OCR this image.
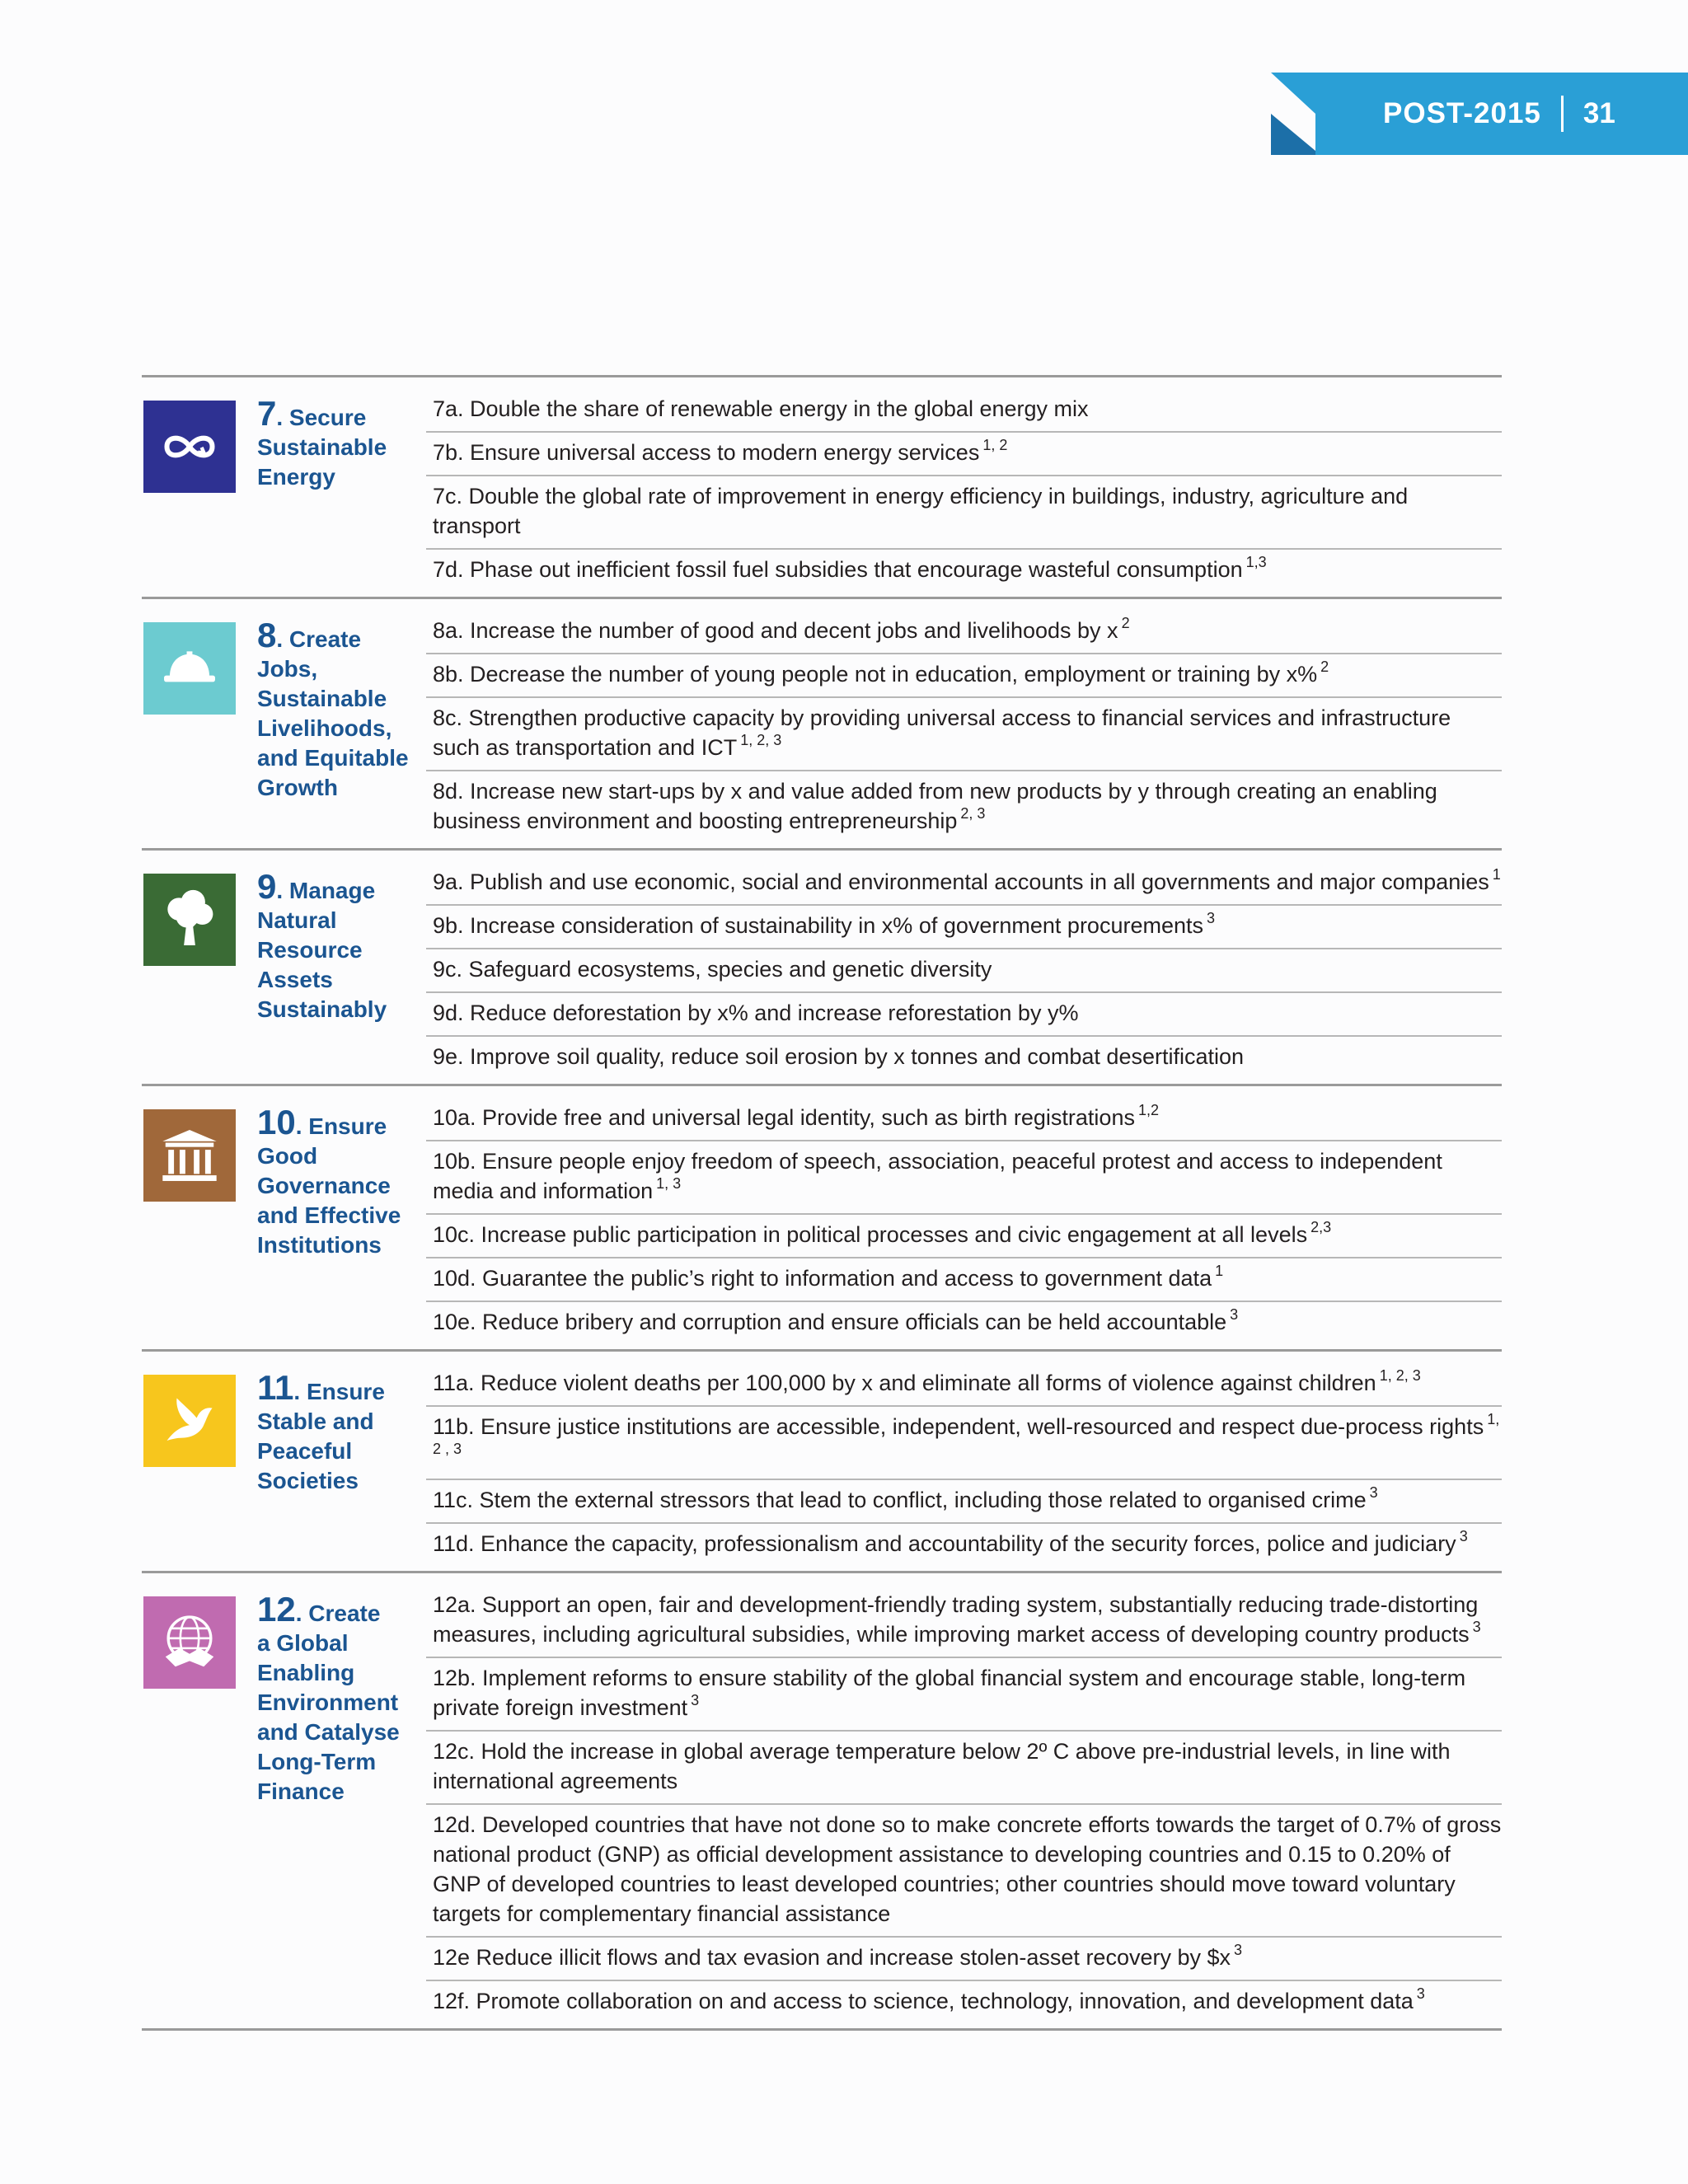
POST-2015 31
7. Secure
Sustainable
Energy

7a. Double the share of renewable energy in the global energy mix
7b. Ensure universal access to modern energy services $^{1, 2}$
7c. Double the global rate of improvement in energy efficiency in buildings, industry, agriculture and transport
7d. Phase out inefficient fossil fuel subsidies that encourage wasteful consumption $^{1,3}$
8. Create Jobs,
Sustainable
Livelihoods,
and Equitable
Growth

8a. Increase the number of good and decent jobs and livelihoods by x $^2$
8b. Decrease the number of young people not in education, employment or training by x% $^2$
8c. Strengthen productive capacity by providing universal access to financial services and infrastructure such as transportation and ICT $^{1, 2, 3}$
8d. Increase new start-ups by x and value added from new products by y through creating an enabling business environment and boosting entrepreneurship $^{2, 3}$
9. Manage
Natural
Resource
Assets
Sustainably

9a. Publish and use economic, social and environmental accounts in all governments and major companies $^1$
9b. Increase consideration of sustainability in x% of government procurements $^3$
9c. Safeguard ecosystems, species and genetic diversity
9d. Reduce deforestation by x% and increase reforestation by y%
9e. Improve soil quality, reduce soil erosion by x tonnes and combat desertification
10. Ensure
Good
Governance
and Effective
Institutions

10a. Provide free and universal legal identity, such as birth registrations $^{1,2}$
10b. Ensure people enjoy freedom of speech, association, peaceful protest and access to independent media and information $^{1, 3}$
10c. Increase public participation in political processes and civic engagement at all levels $^{2,3}$
10d. Guarantee the public’s right to information and access to government data $^1$
10e. Reduce bribery and corruption and ensure officials can be held accountable $^3$
11. Ensure
Stable and
Peaceful
Societies

11a. Reduce violent deaths per 100,000 by x and eliminate all forms of violence against children $^{1, 2, 3}$
11b. Ensure justice institutions are accessible, independent, well-resourced and respect due-process rights $^{1, 2 , 3}$
11c. Stem the external stressors that lead to conflict, including those related to organised crime $^3$
11d. Enhance the capacity, professionalism and accountability of the security forces, police and judiciary $^3$
12. Create
a Global
Enabling
Environment
and Catalyse
Long-Term
Finance

12a. Support an open, fair and development-friendly trading system, substantially reducing trade-distorting measures, including agricultural subsidies, while improving market access of developing country products $^3$
12b. Implement reforms to ensure stability of the global financial system and encourage stable, long-term private foreign investment $^3$
12c. Hold the increase in global average temperature below 2º C above pre-industrial levels, in line with international agreements
12d. Developed countries that have not done so to make concrete efforts towards the target of 0.7% of gross national product (GNP) as official development assistance to developing countries and 0.15 to 0.20% of GNP of developed countries to least developed countries; other countries should move toward voluntary targets for complementary financial assistance
12e Reduce illicit flows and tax evasion and increase stolen-asset recovery by $x $^3$
12f. Promote collaboration on and access to science, technology, innovation, and development data $^3$
